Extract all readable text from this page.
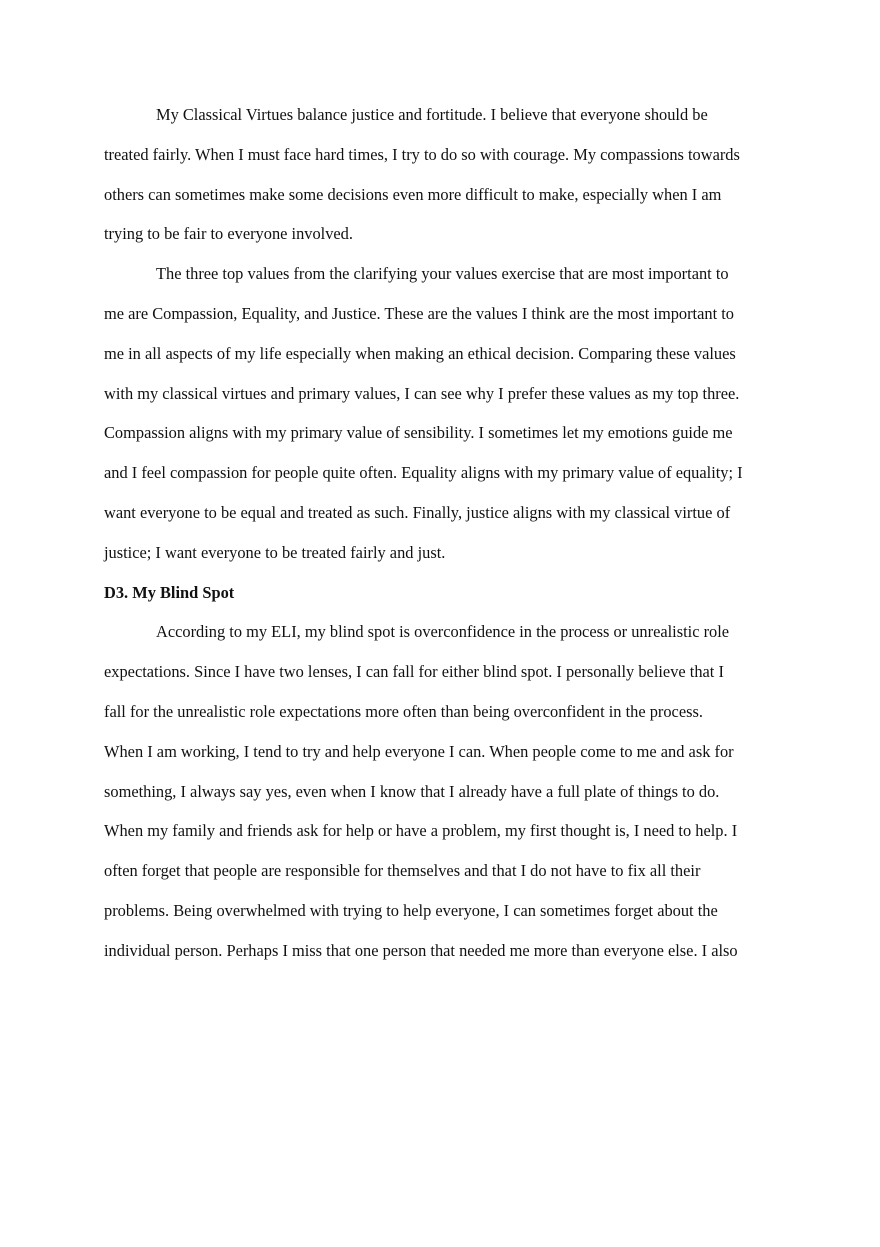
My Classical Virtues balance justice and fortitude. I believe that everyone should be
treated fairly. When I must face hard times, I try to do so with courage. My compassions towards
others can sometimes make some decisions even more difficult to make, especially when I am
trying to be fair to everyone involved.
The three top values from the clarifying your values exercise that are most important to
me are Compassion, Equality, and Justice. These are the values I think are the most important to
me in all aspects of my life especially when making an ethical decision. Comparing these values
with my classical virtues and primary values, I can see why I prefer these values as my top three.
Compassion aligns with my primary value of sensibility. I sometimes let my emotions guide me
and I feel compassion for people quite often. Equality aligns with my primary value of equality; I
want everyone to be equal and treated as such. Finally, justice aligns with my classical virtue of
justice; I want everyone to be treated fairly and just.
D3. My Blind Spot
According to my ELI, my blind spot is overconfidence in the process or unrealistic role
expectations. Since I have two lenses, I can fall for either blind spot. I personally believe that I
fall for the unrealistic role expectations more often than being overconfident in the process.
When I am working, I tend to try and help everyone I can. When people come to me and ask for
something, I always say yes, even when I know that I already have a full plate of things to do.
When my family and friends ask for help or have a problem, my first thought is, I need to help. I
often forget that people are responsible for themselves and that I do not have to fix all their
problems. Being overwhelmed with trying to help everyone, I can sometimes forget about the
individual person. Perhaps I miss that one person that needed me more than everyone else. I also
